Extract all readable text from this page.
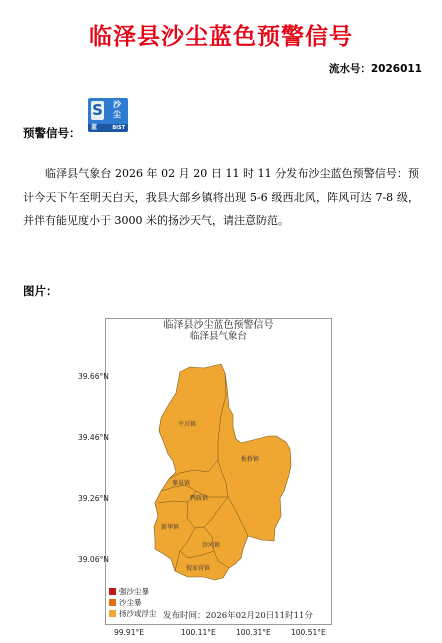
临泽县沙尘蓝色预警信号
流水号：2026011
预警信号：
S	沙
尘
蓝	BIST
临泽县气象台 2026 年 02 月 20 日 11 时 11 分发布沙尘蓝色预警信号：预计今天下午至明天白天，我县大部乡镇将出现 5-6 级西北风，阵风可达 7-8 级，并伴有能见度小于 3000 米的扬沙天气，请注意防范。
图片：
临泽县沙尘蓝色预警信号
临泽县气象台
39.66°N
39.46°N
39.26°N
39.06°N
99.91°E	100.11°E	100.31°E	100.51°E
平川镇
板桥镇
蓼泉镇
鸭暖镇
新华镇
沙河镇
倪家营镇
强沙尘暴
沙尘暴
扬沙或浮尘 发布时间：2026年02月20日11时11分
